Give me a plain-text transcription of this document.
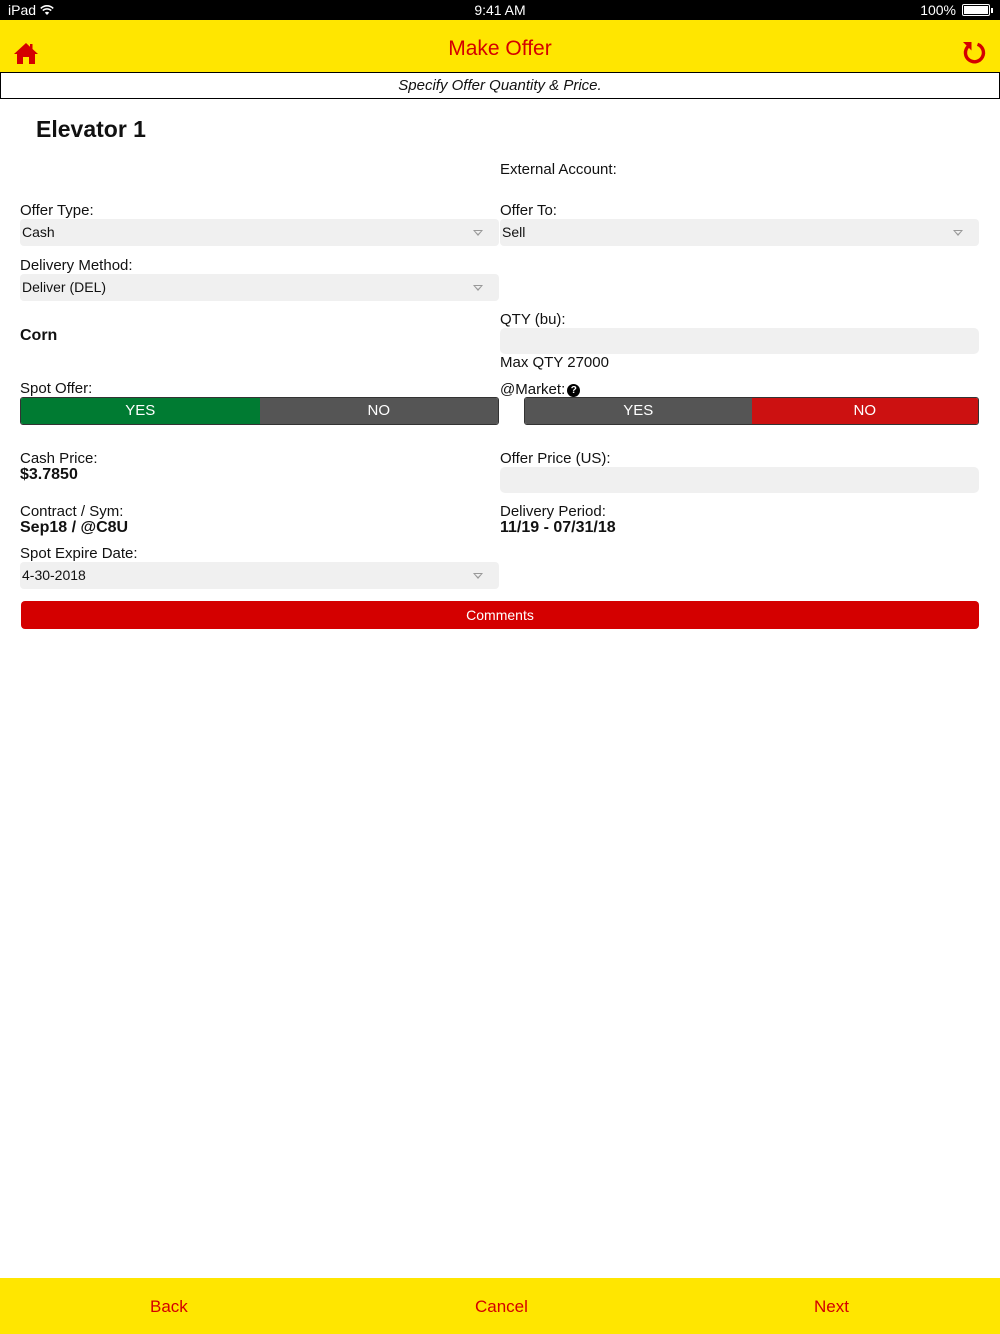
iPad	9:41 AM	100%
Make Offer
Specify Offer Quantity & Price.
Elevator 1
External Account:
Offer Type:
Cash
Offer To:
Sell
Delivery Method:
Deliver (DEL)
Corn
QTY (bu):
Max QTY 27000
Spot Offer:
YES	NO
@Market: ?
YES	NO
Cash Price:
$3.7850
Offer Price (US):
Contract / Sym:
Sep18 / @C8U
Delivery Period:
11/19 - 07/31/18
Spot Expire Date:
4-30-2018
Comments
Back	Cancel	Next
